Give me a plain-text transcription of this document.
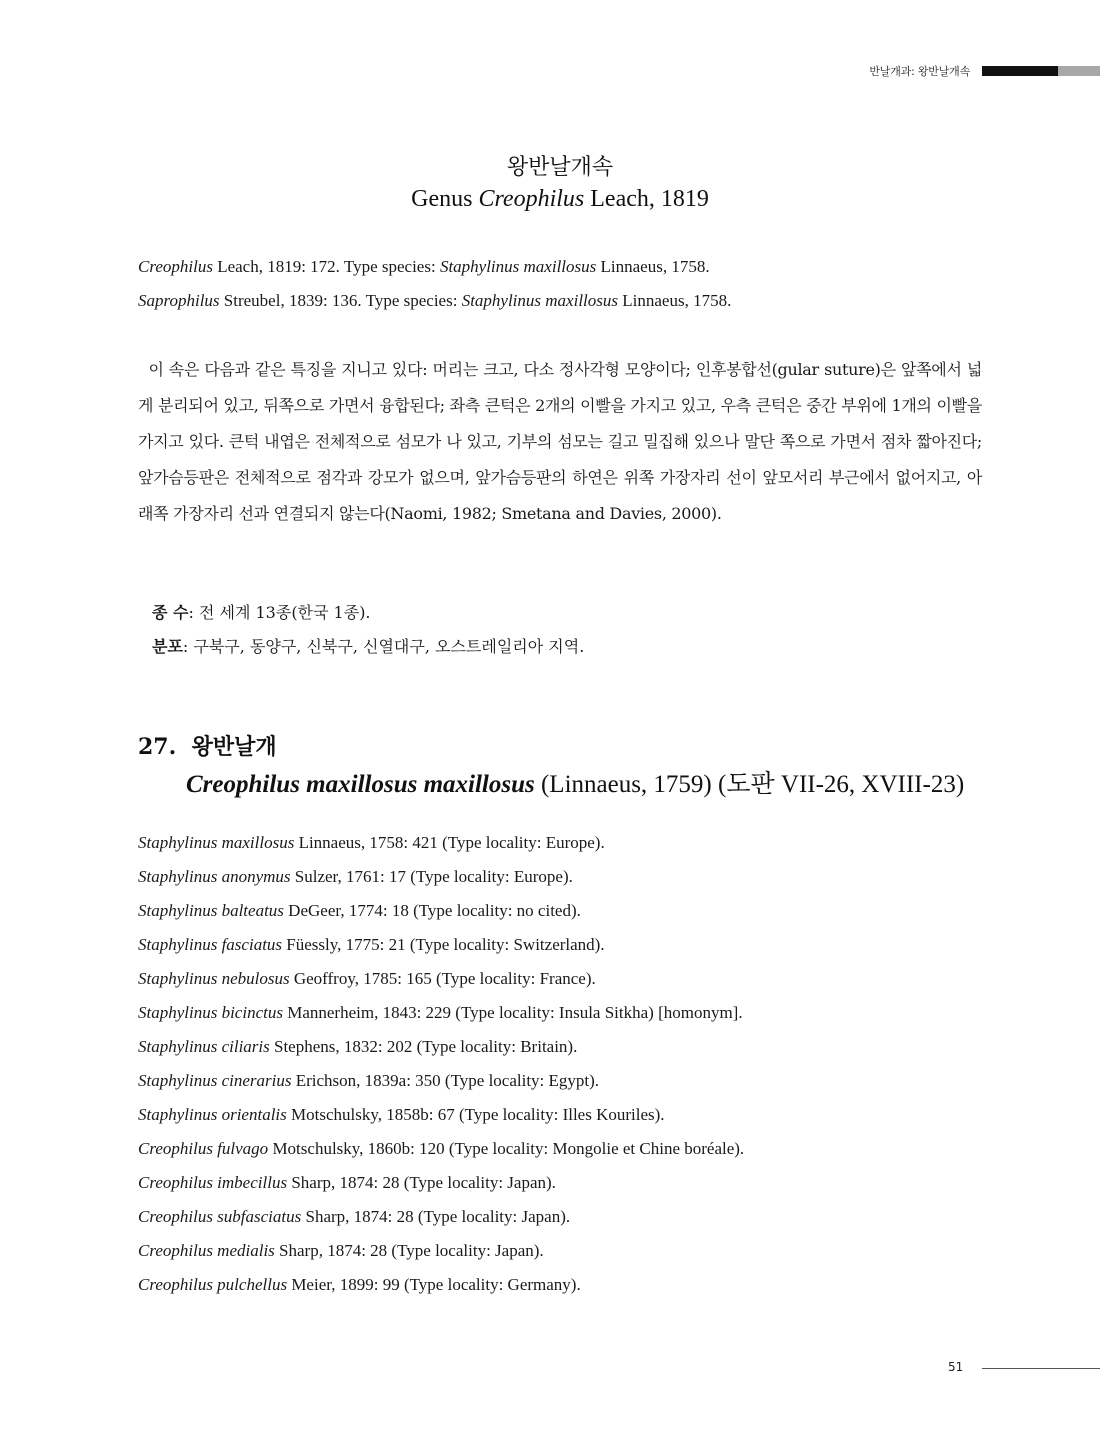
반날개과: 왕반날개속
왕반날개속
Genus Creophilus Leach, 1819
Creophilus Leach, 1819: 172. Type species: Staphylinus maxillosus Linnaeus, 1758.
Saprophilus Streubel, 1839: 136. Type species: Staphylinus maxillosus Linnaeus, 1758.
이 속은 다음과 같은 특징을 지니고 있다: 머리는 크고, 다소 정사각형 모양이다; 인후봉합선(gular suture)은 앞쪽에서 넓게 분리되어 있고, 뒤쪽으로 가면서 융합된다; 좌측 큰턱은 2개의 이빨을 가지고 있고, 우측 큰턱은 중간 부위에 1개의 이빨을 가지고 있다. 큰턱 내엽은 전체적으로 섬모가 나 있고, 기부의 섬모는 길고 밀집해 있으나 말단 쪽으로 가면서 점차 짧아진다; 앞가슴등판은 전체적으로 점각과 강모가 없으며, 앞가슴등판의 하연은 위쪽 가장자리 선이 앞모서리 부근에서 없어지고, 아래쪽 가장자리 선과 연결되지 않는다(Naomi, 1982; Smetana and Davies, 2000).
종 수: 전 세계 13종(한국 1종).
분포: 구북구, 동양구, 신북구, 신열대구, 오스트레일리아 지역.
27. 왕반날개
Creophilus maxillosus maxillosus (Linnaeus, 1759) (도판 VII-26, XVIII-23)
Staphylinus maxillosus Linnaeus, 1758: 421 (Type locality: Europe).
Staphylinus anonymus Sulzer, 1761: 17 (Type locality: Europe).
Staphylinus balteatus DeGeer, 1774: 18 (Type locality: no cited).
Staphylinus fasciatus Füessly, 1775: 21 (Type locality: Switzerland).
Staphylinus nebulosus Geoffroy, 1785: 165 (Type locality: France).
Staphylinus bicinctus Mannerheim, 1843: 229 (Type locality: Insula Sitkha) [homonym].
Staphylinus ciliaris Stephens, 1832: 202 (Type locality: Britain).
Staphylinus cinerarius Erichson, 1839a: 350 (Type locality: Egypt).
Staphylinus orientalis Motschulsky, 1858b: 67 (Type locality: Illes Kouriles).
Creophilus fulvago Motschulsky, 1860b: 120 (Type locality: Mongolie et Chine boréale).
Creophilus imbecillus Sharp, 1874: 28 (Type locality: Japan).
Creophilus subfasciatus Sharp, 1874: 28 (Type locality: Japan).
Creophilus medialis Sharp, 1874: 28 (Type locality: Japan).
Creophilus pulchellus Meier, 1899: 99 (Type locality: Germany).
51
